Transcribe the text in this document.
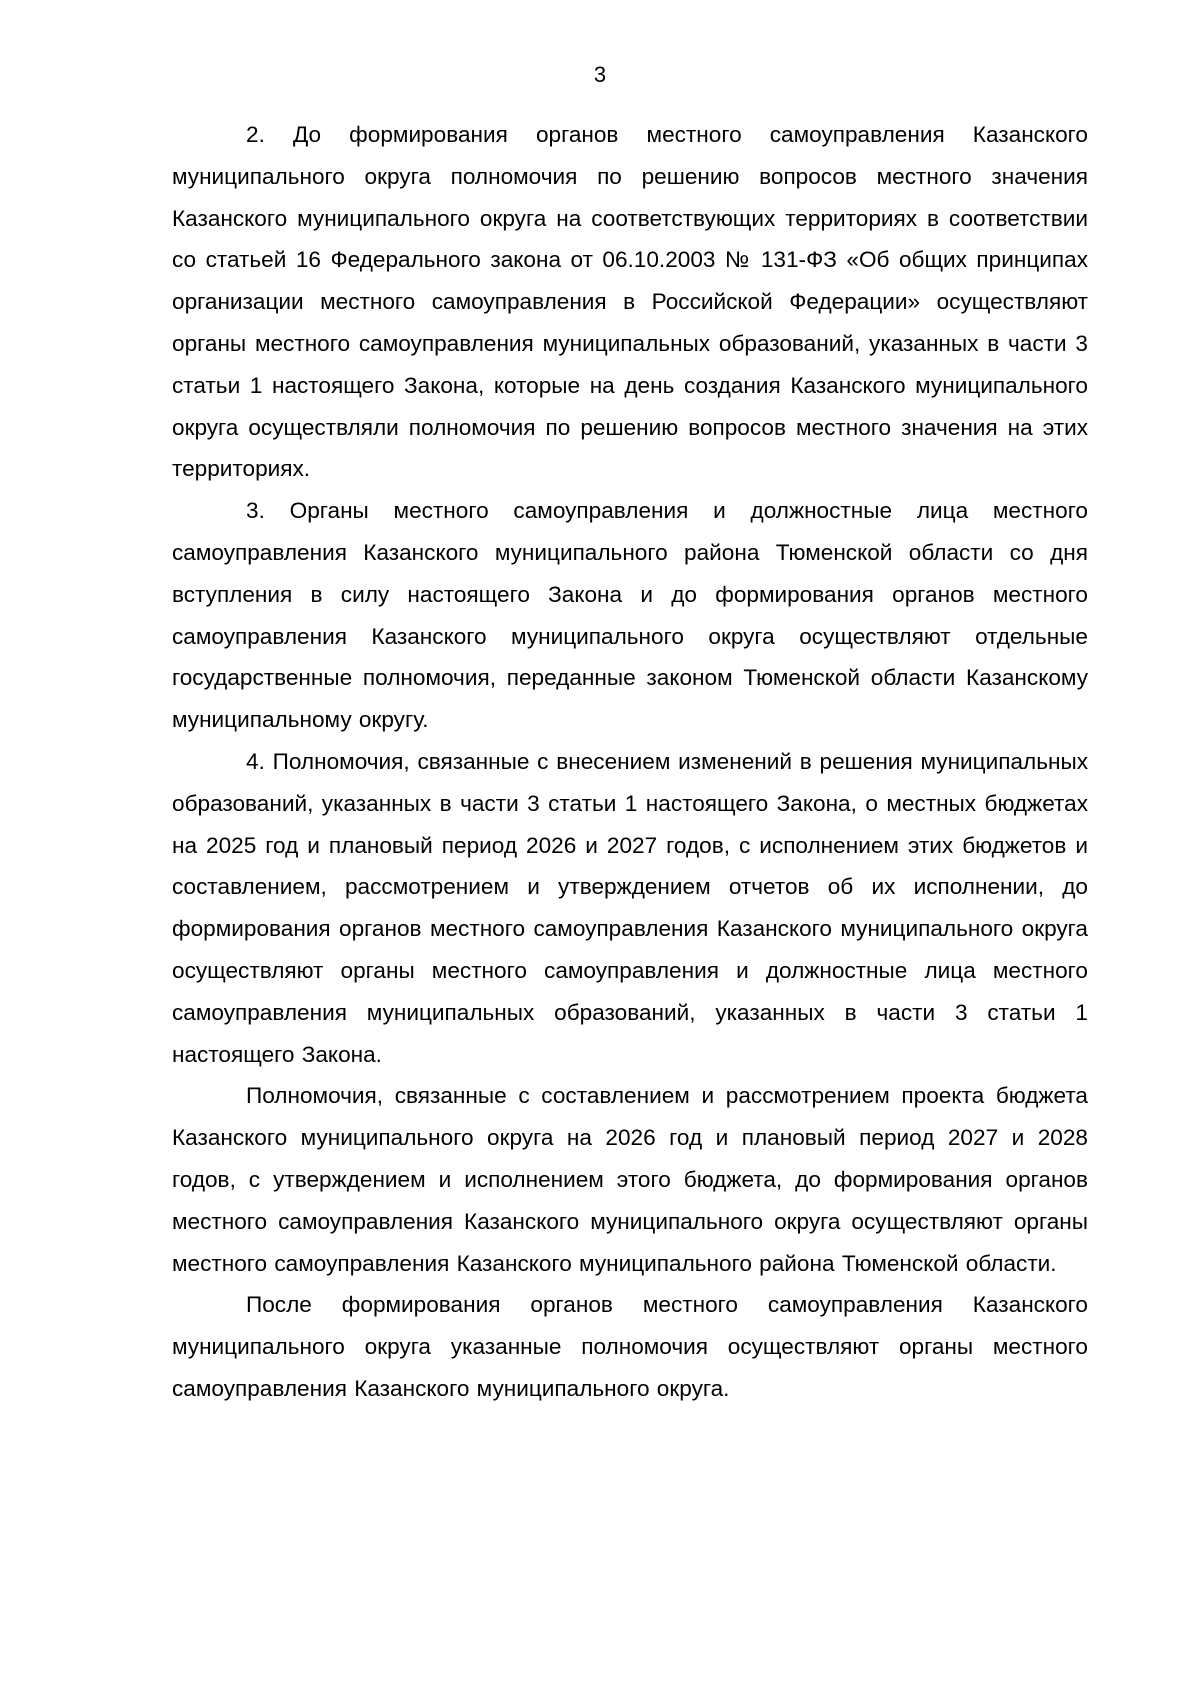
3

2. До формирования органов местного самоуправления Казанского муниципального округа полномочия по решению вопросов местного значения Казанского муниципального округа на соответствующих территориях в соответствии со статьей 16 Федерального закона от 06.10.2003 № 131-ФЗ «Об общих принципах организации местного самоуправления в Российской Федерации» осуществляют органы местного самоуправления муниципальных образований, указанных в части 3 статьи 1 настоящего Закона, которые на день создания Казанского муниципального округа осуществляли полномочия по решению вопросов местного значения на этих территориях.

3. Органы местного самоуправления и должностные лица местного самоуправления Казанского муниципального района Тюменской области со дня вступления в силу настоящего Закона и до формирования органов местного самоуправления Казанского муниципального округа осуществляют отдельные государственные полномочия, переданные законом Тюменской области Казанскому муниципальному округу.

4. Полномочия, связанные с внесением изменений в решения муниципальных образований, указанных в части 3 статьи 1 настоящего Закона, о местных бюджетах на 2025 год и плановый период 2026 и 2027 годов, с исполнением этих бюджетов и составлением, рассмотрением и утверждением отчетов об их исполнении, до формирования органов местного самоуправления Казанского муниципального округа осуществляют органы местного самоуправления и должностные лица местного самоуправления муниципальных образований, указанных в части 3 статьи 1 настоящего Закона.

Полномочия, связанные с составлением и рассмотрением проекта бюджета Казанского муниципального округа на 2026 год и плановый период 2027 и 2028 годов, с утверждением и исполнением этого бюджета, до формирования органов местного самоуправления Казанского муниципального округа осуществляют органы местного самоуправления Казанского муниципального района Тюменской области.

После формирования органов местного самоуправления Казанского муниципального округа указанные полномочия осуществляют органы местного самоуправления Казанского муниципального округа.
